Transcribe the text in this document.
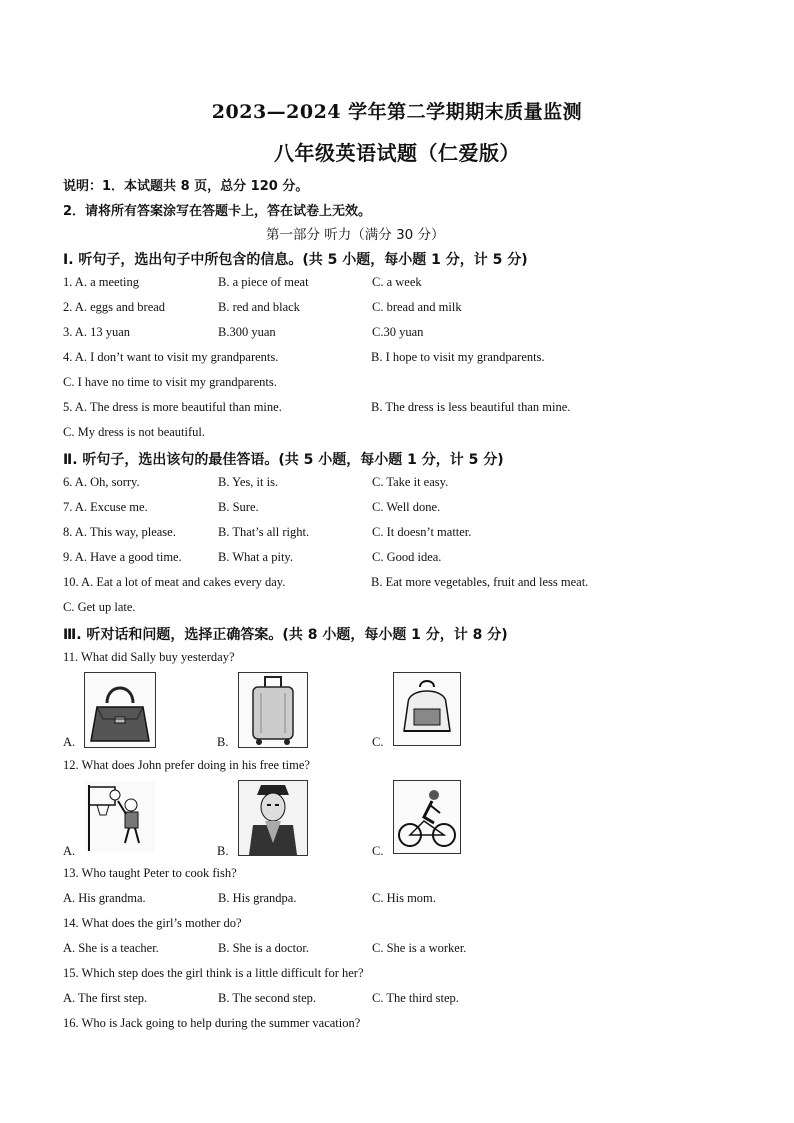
2023—2024 学年第二学期期末质量监测
八年级英语试题（仁爱版）
说明：1．本试题共 8 页，总分 120 分。
2．请将所有答案涂写在答题卡上，答在试卷上无效。
第一部分 听力（满分 30 分）
Ⅰ. 听句子，选出句子中所包含的信息。(共 5 小题，每小题 1 分，计 5 分)
1. A. a meeting	B. a piece of meat	C. a week
2. A. eggs and bread	B. red and black	C. bread and milk
3. A. 13 yuan	B.300 yuan	C.30 yuan
4. A. I don’t want to visit my grandparents.	B. I hope to visit my grandparents.
C. I have no time to visit my grandparents.
5. A. The dress is more beautiful than mine.	B. The dress is less beautiful than mine.
C. My dress is not beautiful.
Ⅱ. 听句子，选出该句的最佳答语。(共 5 小题，每小题 1 分，计 5 分)
6. A. Oh, sorry.	B. Yes, it is.	C. Take it easy.
7. A. Excuse me.	B. Sure.	C. Well done.
8. A. This way, please.	B. That’s all right.	C. It doesn’t matter.
9. A. Have a good time.	B. What a pity.	C. Good idea.
10. A. Eat a lot of meat and cakes every day.	B. Eat more vegetables, fruit and less meat.
C. Get up late.
Ⅲ. 听对话和问题，选择正确答案。(共 8 小题，每小题 1 分，计 8 分)
11. What did Sally buy yesterday?
A.	B.	C.
12. What does John prefer doing in his free time?
A.	B.	C.
13. Who taught Peter to cook fish?
A. His grandma.	B. His grandpa.	C. His mom.
14. What does the girl’s mother do?
A. She is a teacher.	B. She is a doctor.	C. She is a worker.
15. Which step does the girl think is a little difficult for her?
A. The first step.	B. The second step.	C. The third step.
16. Who is Jack going to help during the summer vacation?
